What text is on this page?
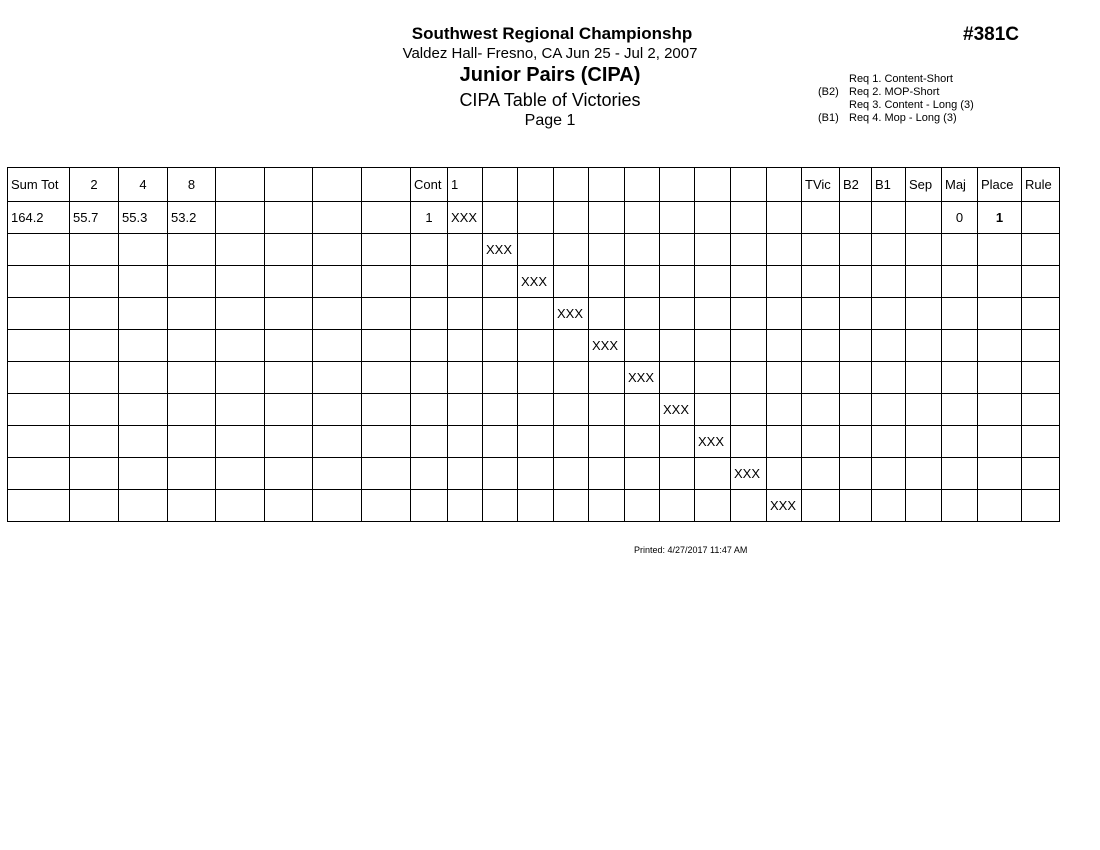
Southwest Regional Championshp
Valdez Hall- Fresno, CA Jun 25 - Jul 2, 2007
Junior Pairs (CIPA)
CIPA Table of Victories
Page 1
#381C
Req 1. Content-Short
(B2) Req 2. MOP-Short
Req 3. Content - Long (3)
(B1) Req 4. Mop - Long (3)
Sum Tot	2	4	8					Cont	1										TVic	B2	B1	Sep	Maj	Place	Rule
164.2	55.7	55.3	53.2					1	XXX														0	1	
										XXX															
											XXX														
												XXX													
													XXX												
														XXX											
															XXX										
																XXX									
																	XXX								
																		XXX							
Printed: 4/27/2017 11:47 AM
